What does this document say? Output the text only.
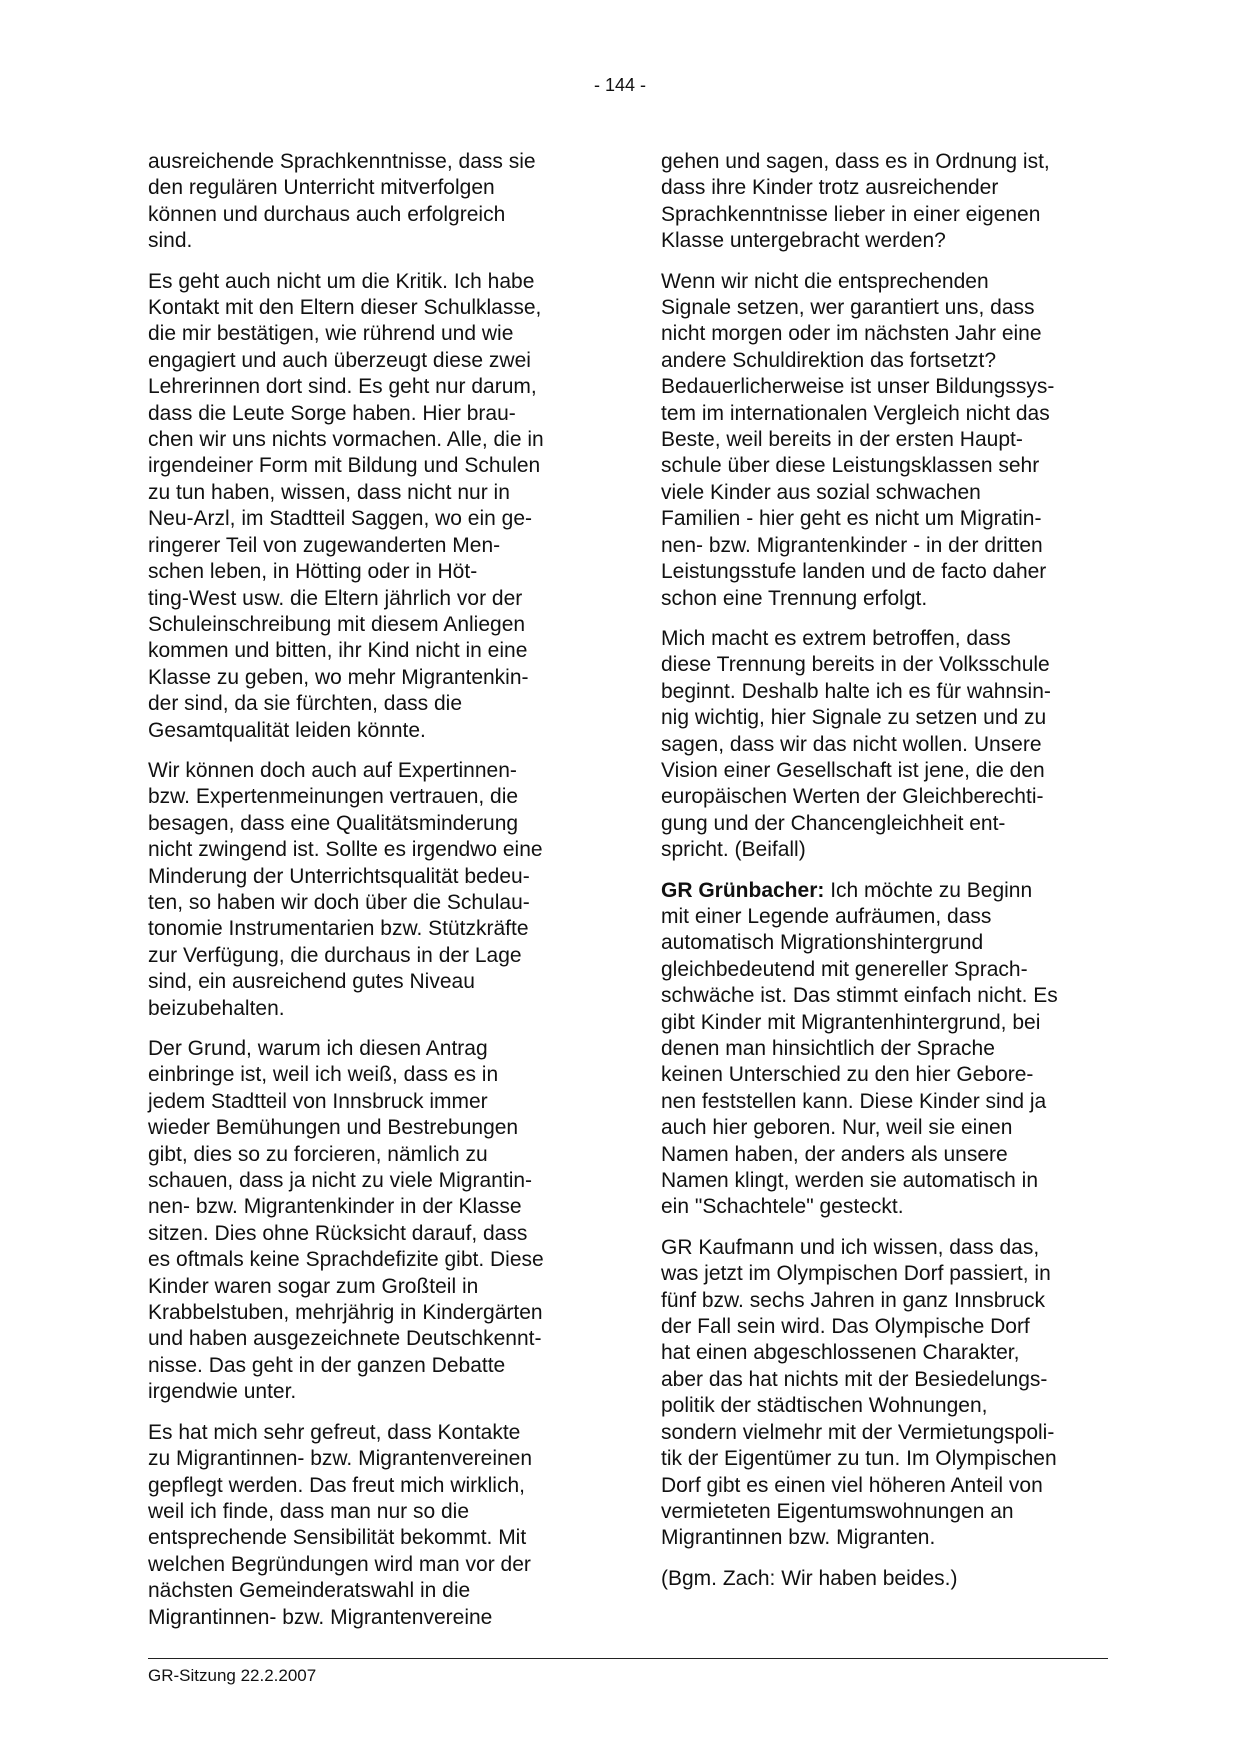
- 144 -

ausreichende Sprachkenntnisse, dass sie
den regulären Unterricht mitverfolgen
können und durchaus auch erfolgreich
sind.

Es geht auch nicht um die Kritik. Ich habe
Kontakt mit den Eltern dieser Schulklasse,
die mir bestätigen, wie rührend und wie
engagiert und auch überzeugt diese zwei
Lehrerinnen dort sind. Es geht nur darum,
dass die Leute Sorge haben. Hier brau-
chen wir uns nichts vormachen. Alle, die in
irgendeiner Form mit Bildung und Schulen
zu tun haben, wissen, dass nicht nur in
Neu-Arzl, im Stadtteil Saggen, wo ein ge-
ringerer Teil von zugewanderten Men-
schen leben, in Hötting oder in Höt-
ting-West usw. die Eltern jährlich vor der
Schuleinschreibung mit diesem Anliegen
kommen und bitten, ihr Kind nicht in eine
Klasse zu geben, wo mehr Migrantenkin-
der sind, da sie fürchten, dass die
Gesamtqualität leiden könnte.

Wir können doch auch auf Expertinnen-
bzw. Expertenmeinungen vertrauen, die
besagen, dass eine Qualitätsminderung
nicht zwingend ist. Sollte es irgendwo eine
Minderung der Unterrichtsqualität bedeu-
ten, so haben wir doch über die Schulau-
tonomie Instrumentarien bzw. Stützkräfte
zur Verfügung, die durchaus in der Lage
sind, ein ausreichend gutes Niveau
beizubehalten.

Der Grund, warum ich diesen Antrag
einbringe ist, weil ich weiß, dass es in
jedem Stadtteil von Innsbruck immer
wieder Bemühungen und Bestrebungen
gibt, dies so zu forcieren, nämlich zu
schauen, dass ja nicht zu viele Migrantin-
nen- bzw. Migrantenkinder in der Klasse
sitzen. Dies ohne Rücksicht darauf, dass
es oftmals keine Sprachdefizite gibt. Diese
Kinder waren sogar zum Großteil in
Krabbelstuben, mehrjährig in Kindergärten
und haben ausgezeichnete Deutschkennt-
nisse. Das geht in der ganzen Debatte
irgendwie unter.

Es hat mich sehr gefreut, dass Kontakte
zu Migrantinnen- bzw. Migrantenvereinen
gepflegt werden. Das freut mich wirklich,
weil ich finde, dass man nur so die
entsprechende Sensibilität bekommt. Mit
welchen Begründungen wird man vor der
nächsten Gemeinderatswahl in die
Migrantinnen- bzw. Migrantenvereine

gehen und sagen, dass es in Ordnung ist,
dass ihre Kinder trotz ausreichender
Sprachkenntnisse lieber in einer eigenen
Klasse untergebracht werden?

Wenn wir nicht die entsprechenden
Signale setzen, wer garantiert uns, dass
nicht morgen oder im nächsten Jahr eine
andere Schuldirektion das fortsetzt?
Bedauerlicherweise ist unser Bildungssys-
tem im internationalen Vergleich nicht das
Beste, weil bereits in der ersten Haupt-
schule über diese Leistungsklassen sehr
viele Kinder aus sozial schwachen
Familien - hier geht es nicht um Migratin-
nen- bzw. Migrantenkinder - in der dritten
Leistungsstufe landen und de facto daher
schon eine Trennung erfolgt.

Mich macht es extrem betroffen, dass
diese Trennung bereits in der Volksschule
beginnt. Deshalb halte ich es für wahnsin-
nig wichtig, hier Signale zu setzen und zu
sagen, dass wir das nicht wollen. Unsere
Vision einer Gesellschaft ist jene, die den
europäischen Werten der Gleichberechti-
gung und der Chancengleichheit ent-
spricht. (Beifall)

GR Grünbacher: Ich möchte zu Beginn
mit einer Legende aufräumen, dass
automatisch Migrationshintergrund
gleichbedeutend mit genereller Sprach-
schwäche ist. Das stimmt einfach nicht. Es
gibt Kinder mit Migrantenhintergrund, bei
denen man hinsichtlich der Sprache
keinen Unterschied zu den hier Gebore-
nen feststellen kann. Diese Kinder sind ja
auch hier geboren. Nur, weil sie einen
Namen haben, der anders als unsere
Namen klingt, werden sie automatisch in
ein "Schachtele" gesteckt.

GR Kaufmann und ich wissen, dass das,
was jetzt im Olympischen Dorf passiert, in
fünf bzw. sechs Jahren in ganz Innsbruck
der Fall sein wird. Das Olympische Dorf
hat einen abgeschlossenen Charakter,
aber das hat nichts mit der Besiedelungs-
politik der städtischen Wohnungen,
sondern vielmehr mit der Vermietungspoli-
tik der Eigentümer zu tun. Im Olympischen
Dorf gibt es einen viel höheren Anteil von
vermieteten Eigentumswohnungen an
Migrantinnen bzw. Migranten.

(Bgm. Zach: Wir haben beides.)

GR-Sitzung 22.2.2007
